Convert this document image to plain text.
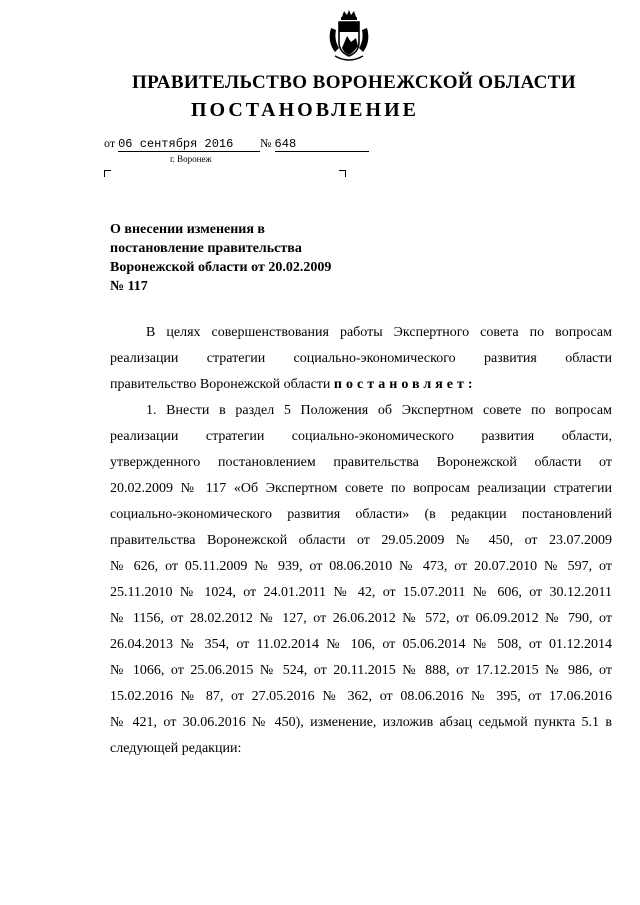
ПРАВИТЕЛЬСТВО ВОРОНЕЖСКОЙ ОБЛАСТИ
ПОСТАНОВЛЕНИЕ
от 06 сентября 2016 № 648
г. Воронеж
О внесении изменения в
постановление правительства
Воронежской области от 20.02.2009
№ 117
В целях совершенствования работы Экспертного совета по вопросам
реализации стратегии социально-экономического развития области
правительство Воронежской области постановляет:
1. Внести в раздел 5 Положения об Экспертном совете по вопросам
реализации стратегии социально-экономического развития области,
утвержденного постановлением правительства Воронежской области от
20.02.2009 № 117 «Об Экспертном совете по вопросам реализации стратегии
социально-экономического развития области» (в редакции постановлений
правительства Воронежской области от 29.05.2009 № 450, от 23.07.2009
№ 626, от 05.11.2009 № 939, от 08.06.2010 № 473, от 20.07.2010 № 597, от
25.11.2010 № 1024, от 24.01.2011 № 42, от 15.07.2011 № 606, от 30.12.2011
№ 1156, от 28.02.2012 № 127, от 26.06.2012 № 572, от 06.09.2012 № 790, от
26.04.2013 № 354, от 11.02.2014 № 106, от 05.06.2014 № 508, от 01.12.2014
№ 1066, от 25.06.2015 № 524, от 20.11.2015 № 888, от 17.12.2015 № 986, от
15.02.2016 № 87, от 27.05.2016 № 362, от 08.06.2016 № 395, от 17.06.2016
№ 421, от 30.06.2016 № 450), изменение, изложив абзац седьмой пункта 5.1 в
следующей редакции:
